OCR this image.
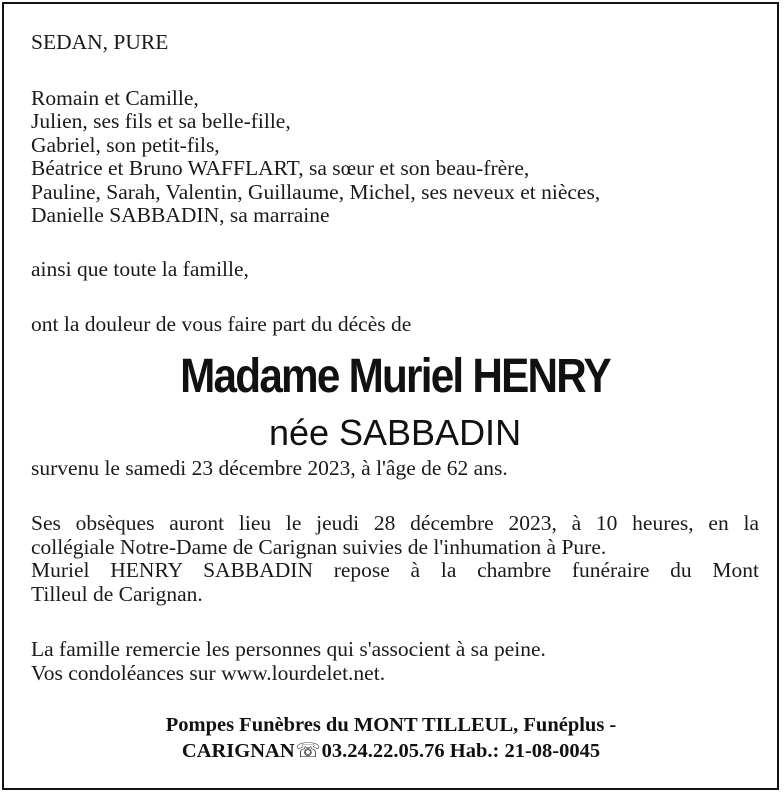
SEDAN, PURE
Romain et Camille,
Julien, ses fils et sa belle-fille,
Gabriel, son petit-fils,
Béatrice et Bruno WAFFLART, sa sœur et son beau-frère,
Pauline, Sarah, Valentin, Guillaume, Michel, ses neveux et nièces,
Danielle SABBADIN, sa marraine
ainsi que toute la famille,
ont la douleur de vous faire part du décès de
Madame Muriel HENRY
née SABBADIN
survenu le samedi 23 décembre 2023, à l'âge de 62 ans.
Ses obsèques auront lieu le jeudi 28 décembre 2023, à 10 heures, en la
collégiale Notre-Dame de Carignan suivies de l'inhumation à Pure.
Muriel HENRY SABBADIN repose à la chambre funéraire du Mont
Tilleul de Carignan.
La famille remercie les personnes qui s'associent à sa peine.
Vos condoléances sur www.lourdelet.net.
Pompes Funèbres du MONT TILLEUL, Funéplus -
CARIGNAN☏03.24.22.05.76 Hab.: 21-08-0045
